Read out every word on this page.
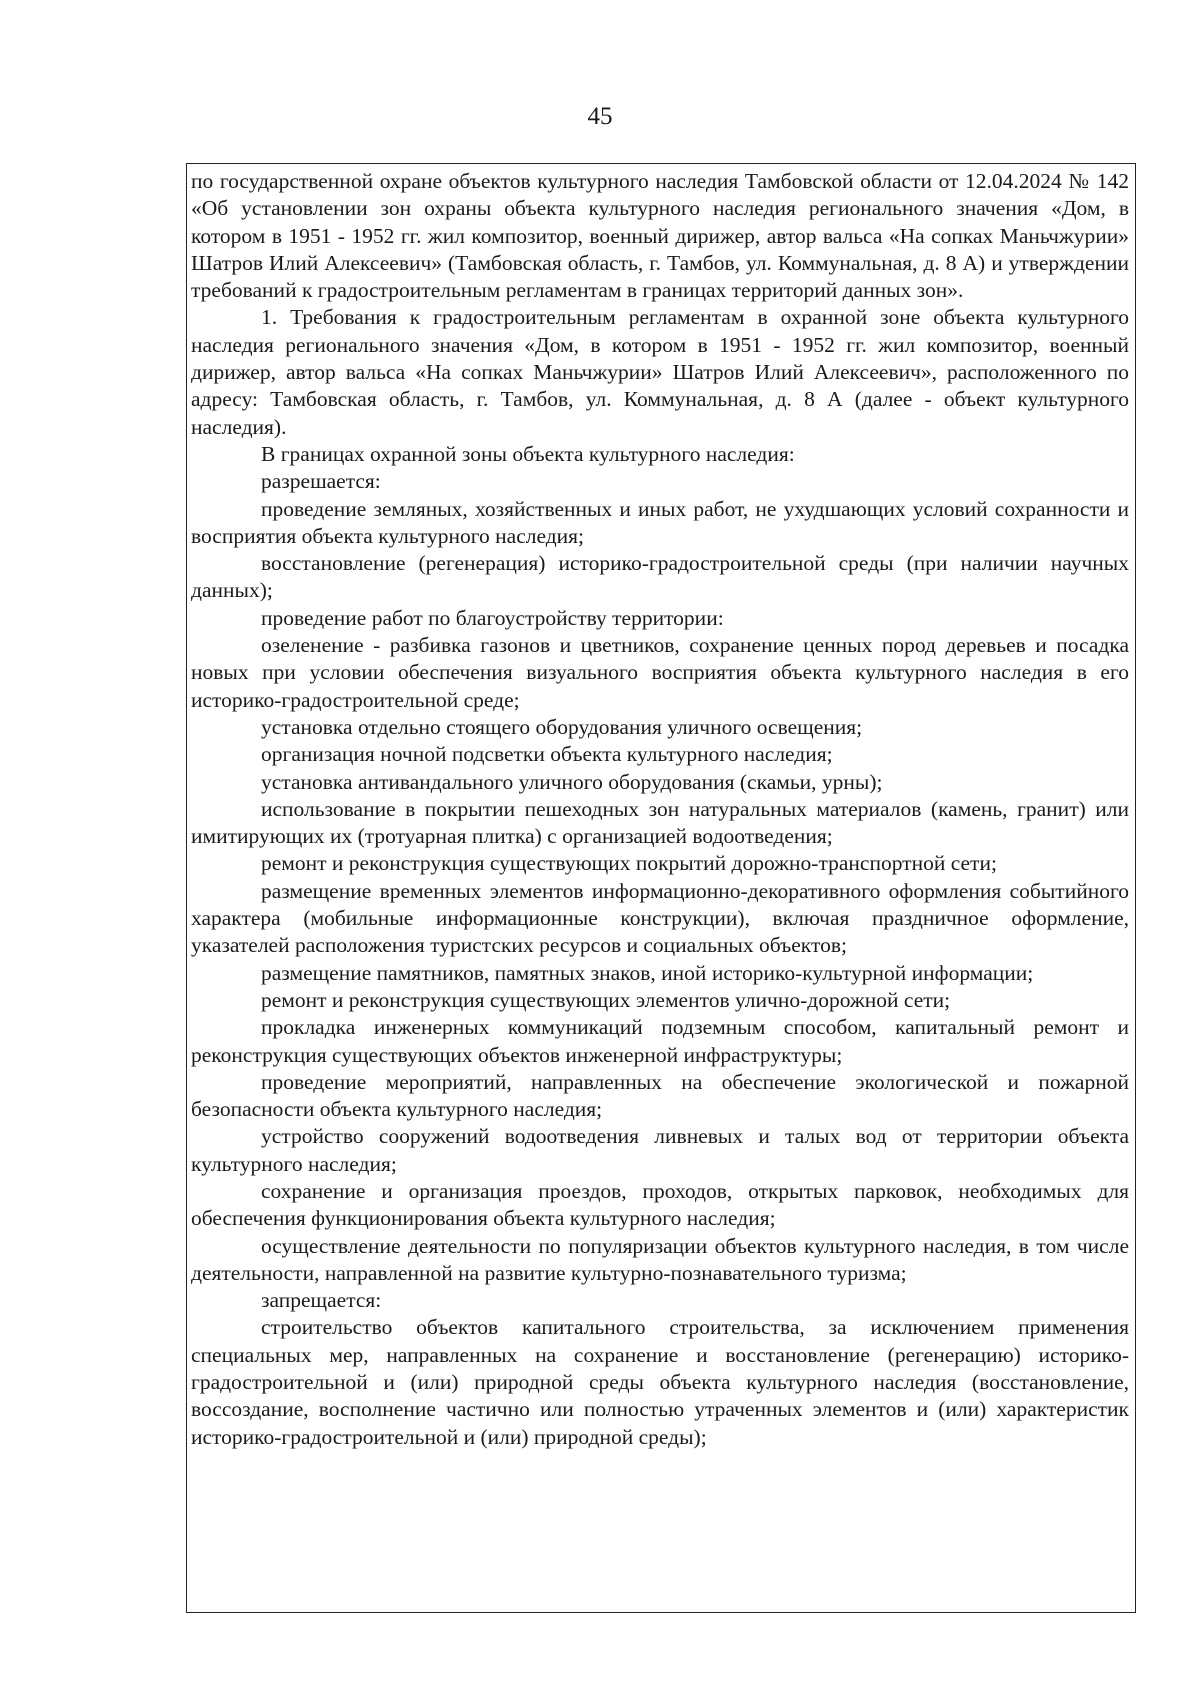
45

по государственной охране объектов культурного наследия Тамбовской области от 12.04.2024 № 142 «Об установлении зон охраны объекта культурного наследия регионального значения «Дом, в котором в 1951 - 1952 гг. жил композитор, военный дирижер, автор вальса «На сопках Маньчжурии» Шатров Илий Алексеевич» (Тамбовская область, г. Тамбов, ул. Коммунальная, д. 8 А) и утверждении требований к градостроительным регламентам в границах территорий данных зон».

1. Требования к градостроительным регламентам в охранной зоне объекта культурного наследия регионального значения «Дом, в котором в 1951 - 1952 гг. жил композитор, военный дирижер, автор вальса «На сопках Маньчжурии» Шатров Илий Алексеевич», расположенного по адресу: Тамбовская область, г. Тамбов, ул. Коммунальная, д. 8 А (далее - объект культурного наследия).

В границах охранной зоны объекта культурного наследия:

разрешается:

проведение земляных, хозяйственных и иных работ, не ухудшающих условий сохранности и восприятия объекта культурного наследия;

восстановление (регенерация) историко-градостроительной среды (при наличии научных данных);

проведение работ по благоустройству территории:

озеленение - разбивка газонов и цветников, сохранение ценных пород деревьев и посадка новых при условии обеспечения визуального восприятия объекта культурного наследия в его историко-градостроительной среде;

установка отдельно стоящего оборудования уличного освещения;

организация ночной подсветки объекта культурного наследия;

установка антивандального уличного оборудования (скамьи, урны);

использование в покрытии пешеходных зон натуральных материалов (камень, гранит) или имитирующих их (тротуарная плитка) с организацией водоотведения;

ремонт и реконструкция существующих покрытий дорожно-транспортной сети;

размещение временных элементов информационно-декоративного оформления событийного характера (мобильные информационные конструкции), включая праздничное оформление, указателей расположения туристских ресурсов и социальных объектов;

размещение памятников, памятных знаков, иной историко-культурной информации;

ремонт и реконструкция существующих элементов улично-дорожной сети;

прокладка инженерных коммуникаций подземным способом, капитальный ремонт и реконструкция существующих объектов инженерной инфраструктуры;

проведение мероприятий, направленных на обеспечение экологической и пожарной безопасности объекта культурного наследия;

устройство сооружений водоотведения ливневых и талых вод от территории объекта культурного наследия;

сохранение и организация проездов, проходов, открытых парковок, необходимых для обеспечения функционирования объекта культурного наследия;

осуществление деятельности по популяризации объектов культурного наследия, в том числе деятельности, направленной на развитие культурно-познавательного туризма;

запрещается:

строительство объектов капитального строительства, за исключением применения специальных мер, направленных на сохранение и восстановление (регенерацию) историко-градостроительной и (или) природной среды объекта культурного наследия (восстановление, воссоздание, восполнение частично или полностью утраченных элементов и (или) характеристик историко-градостроительной и (или) природной среды);
